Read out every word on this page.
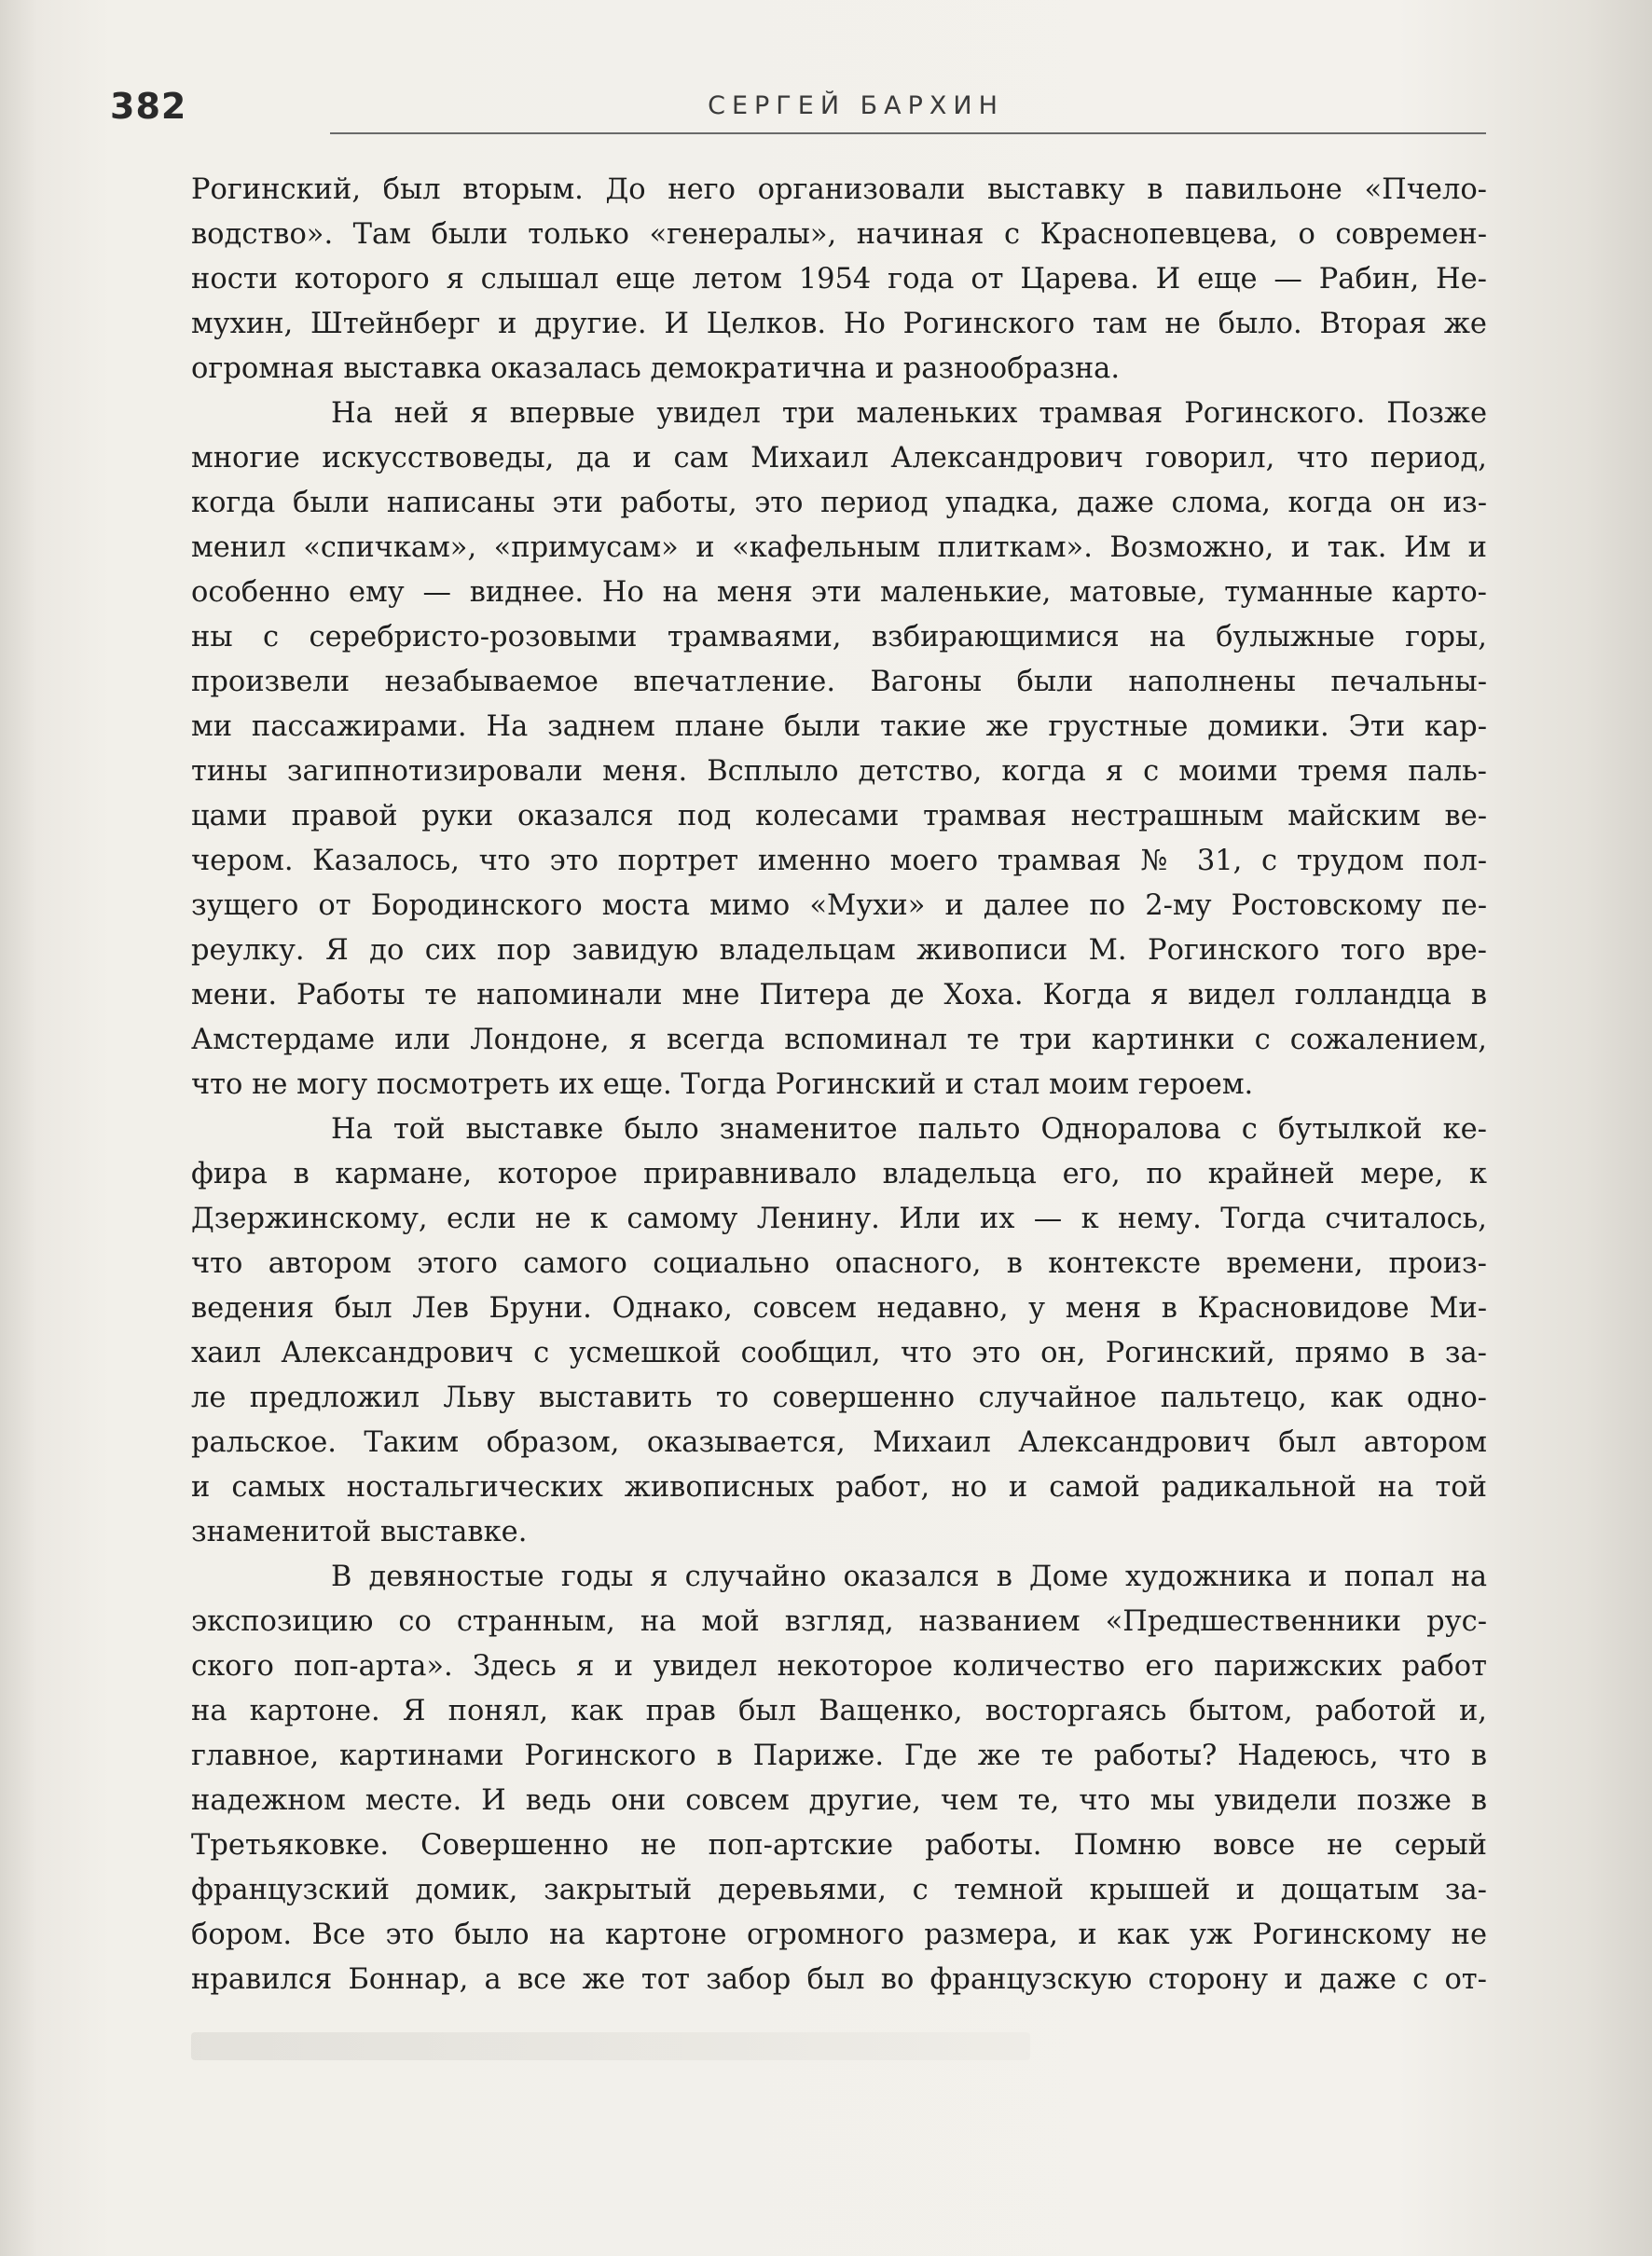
382	СЕРГЕЙ БАРХИН
Рогинский, был вторым. До него организовали выставку в павильоне «Пчело-
водство». Там были только «генералы», начиная с Краснопевцева, о современ-
ности которого я слышал еще летом 1954 года от Царева. И еще — Рабин, Не-
мухин, Штейнберг и другие. И Целков. Но Рогинского там не было. Вторая же
огромная выставка оказалась демократична и разнообразна.
На ней я впервые увидел три маленьких трамвая Рогинского. Позже
многие искусствоведы, да и сам Михаил Александрович говорил, что период,
когда были написаны эти работы, это период упадка, даже слома, когда он из-
менил «спичкам», «примусам» и «кафельным плиткам». Возможно, и так. Им и
особенно ему — виднее. Но на меня эти маленькие, матовые, туманные карто-
ны с серебристо-розовыми трамваями, взбирающимися на булыжные горы,
произвели незабываемое впечатление. Вагоны были наполнены печальны-
ми пассажирами. На заднем плане были такие же грустные домики. Эти кар-
тины загипнотизировали меня. Всплыло детство, когда я с моими тремя паль-
цами правой руки оказался под колесами трамвая нестрашным майским ве-
чером. Казалось, что это портрет именно моего трамвая № 31, с трудом пол-
зущего от Бородинского моста мимо «Мухи» и далее по 2-му Ростовскому пе-
реулку. Я до сих пор завидую владельцам живописи М. Рогинского того вре-
мени. Работы те напоминали мне Питера де Хоха. Когда я видел голландца в
Амстердаме или Лондоне, я всегда вспоминал те три картинки с сожалением,
что не могу посмотреть их еще. Тогда Рогинский и стал моим героем.
На той выставке было знаменитое пальто Одноралова с бутылкой ке-
фира в кармане, которое приравнивало владельца его, по крайней мере, к
Дзержинскому, если не к самому Ленину. Или их — к нему. Тогда считалось,
что автором этого самого социально опасного, в контексте времени, произ-
ведения был Лев Бруни. Однако, совсем недавно, у меня в Красновидове Ми-
хаил Александрович с усмешкой сообщил, что это он, Рогинский, прямо в за-
ле предложил Льву выставить то совершенно случайное пальтецо, как одно-
ральское. Таким образом, оказывается, Михаил Александрович был автором
и самых ностальгических живописных работ, но и самой радикальной на той
знаменитой выставке.
В девяностые годы я случайно оказался в Доме художника и попал на
экспозицию со странным, на мой взгляд, названием «Предшественники рус-
ского поп-арта». Здесь я и увидел некоторое количество его парижских работ
на картоне. Я понял, как прав был Ващенко, восторгаясь бытом, работой и,
главное, картинами Рогинского в Париже. Где же те работы? Надеюсь, что в
надежном месте. И ведь они совсем другие, чем те, что мы увидели позже в
Третьяковке. Совершенно не поп-артские работы. Помню вовсе не серый
французский домик, закрытый деревьями, с темной крышей и дощатым за-
бором. Все это было на картоне огромного размера, и как уж Рогинскому не
нравился Боннар, а все же тот забор был во французскую сторону и даже с от-
